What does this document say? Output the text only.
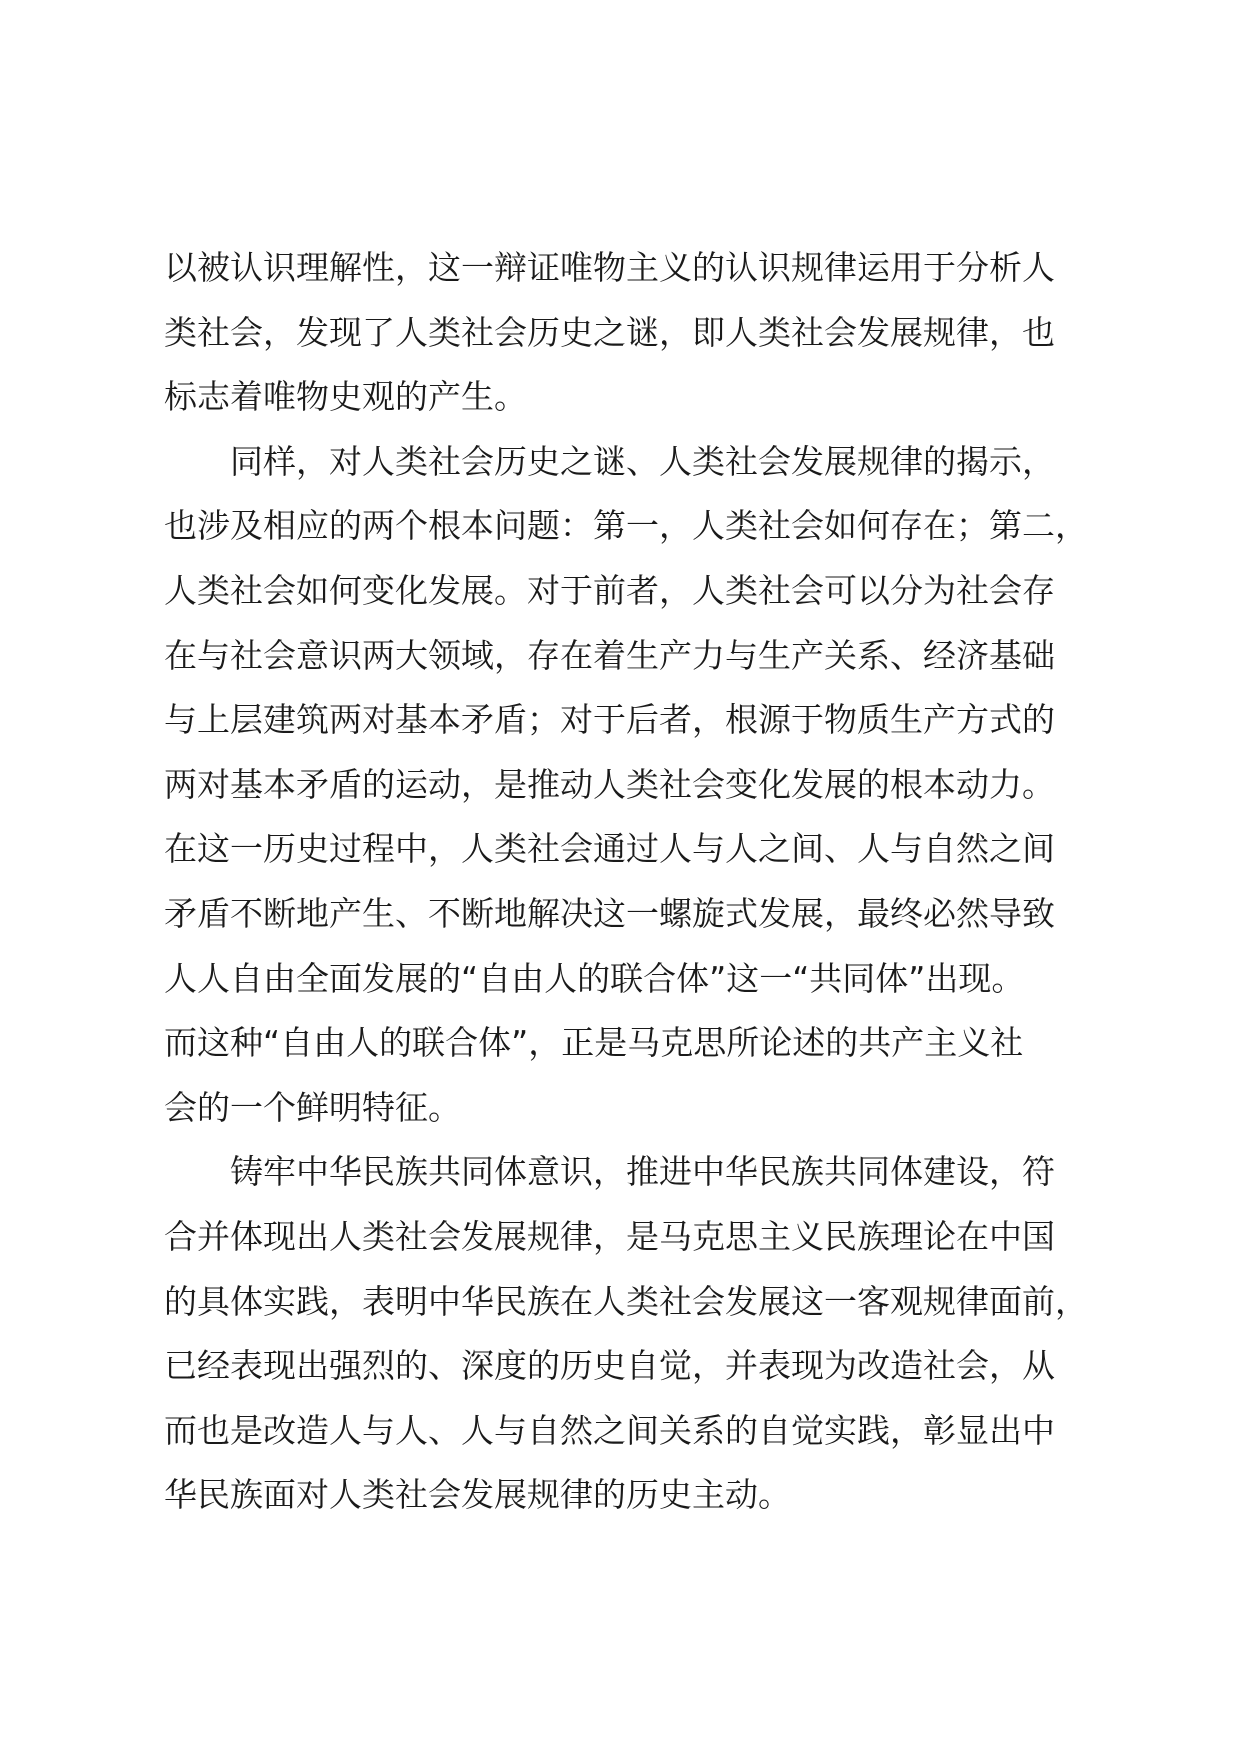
以被认识理解性，这一辩证唯物主义的认识规律运用于分析人
类社会，发现了人类社会历史之谜，即人类社会发展规律，也
标志着唯物史观的产生。
同样，对人类社会历史之谜、人类社会发展规律的揭示，
也涉及相应的两个根本问题：第一，人类社会如何存在；第二，
人类社会如何变化发展。对于前者，人类社会可以分为社会存
在与社会意识两大领域，存在着生产力与生产关系、经济基础
与上层建筑两对基本矛盾；对于后者，根源于物质生产方式的
两对基本矛盾的运动，是推动人类社会变化发展的根本动力。
在这一历史过程中，人类社会通过人与人之间、人与自然之间
矛盾不断地产生、不断地解决这一螺旋式发展，最终必然导致
人人自由全面发展的“自由人的联合体”这一“共同体”出现。
而这种“自由人的联合体”，正是马克思所论述的共产主义社
会的一个鲜明特征。
铸牢中华民族共同体意识，推进中华民族共同体建设，符
合并体现出人类社会发展规律，是马克思主义民族理论在中国
的具体实践，表明中华民族在人类社会发展这一客观规律面前，
已经表现出强烈的、深度的历史自觉，并表现为改造社会，从
而也是改造人与人、人与自然之间关系的自觉实践，彰显出中
华民族面对人类社会发展规律的历史主动。
